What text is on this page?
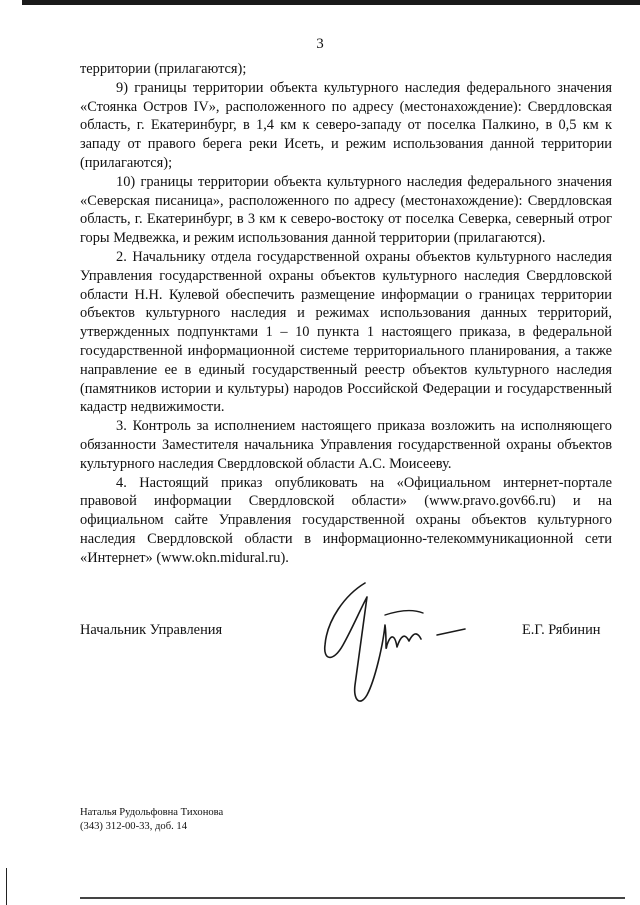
3

территории (прилагаются);

9) границы территории объекта культурного наследия федерального значения «Стоянка Остров IV», расположенного по адресу (местонахождение): Свердловская область, г. Екатеринбург, в 1,4 км к северо-западу от поселка Палкино, в 0,5 км к западу от правого берега реки Исеть, и режим использования данной территории (прилагаются);

10) границы территории объекта культурного наследия федерального значения «Северская писаница», расположенного по адресу (местонахождение): Свердловская область, г. Екатеринбург, в 3 км к северо-востоку от поселка Северка, северный отрог горы Медвежка, и режим использования данной территории (прилагаются).

2. Начальнику отдела государственной охраны объектов культурного наследия Управления государственной охраны объектов культурного наследия Свердловской области Н.Н. Кулевой обеспечить размещение информации о границах территории объектов культурного наследия и режимах использования данных территорий, утвержденных подпунктами 1 – 10 пункта 1 настоящего приказа, в федеральной государственной информационной системе территориального планирования, а также направление ее в единый государственный реестр объектов культурного наследия (памятников истории и культуры) народов Российской Федерации и государственный кадастр недвижимости.

3. Контроль за исполнением настоящего приказа возложить на исполняющего обязанности Заместителя начальника Управления государственной охраны объектов культурного наследия Свердловской области А.С. Моисееву.

4. Настоящий приказ опубликовать на «Официальном интернет-портале правовой информации Свердловской области» (www.pravo.gov66.ru) и на официальном сайте Управления государственной охраны объектов культурного наследия Свердловской области в информационно-телекоммуникационной сети «Интернет» (www.okn.midural.ru).

Начальник Управления	Е.Г. Рябинин
Наталья Рудольфовна Тихонова
(343) 312-00-33, доб. 14
